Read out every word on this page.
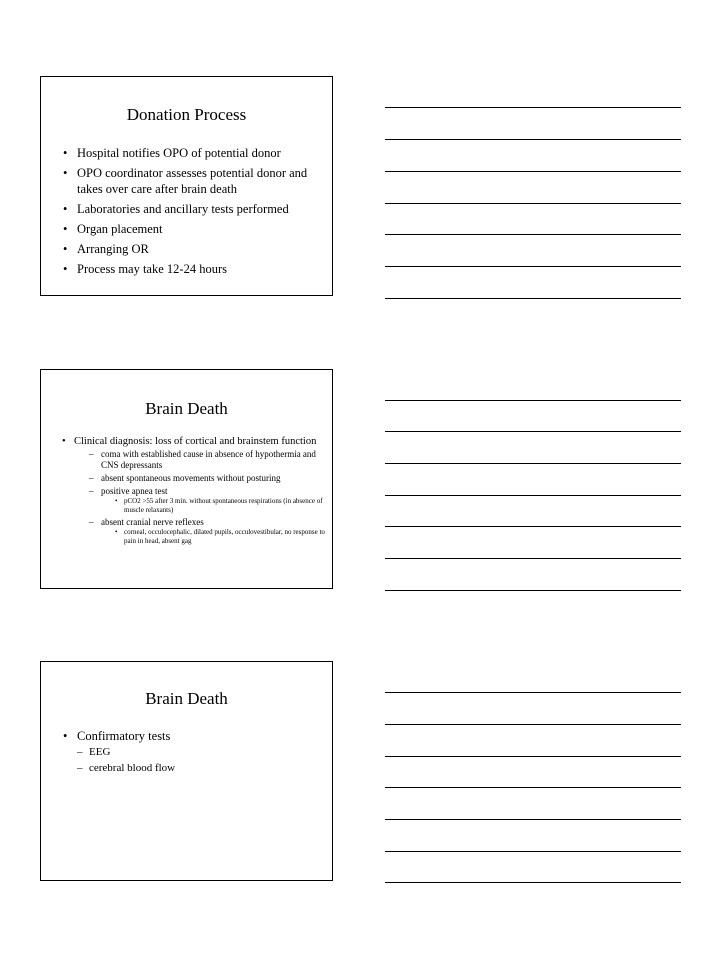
Donation Process
• Hospital notifies OPO of potential donor
• OPO coordinator assesses potential donor and takes over care after brain death
• Laboratories and ancillary tests performed
• Organ placement
• Arranging OR
• Process may take 12-24 hours
Brain Death
• Clinical diagnosis: loss of cortical and brainstem function
– coma with established cause in absence of hypothermia and CNS depressants
– absent spontaneous movements without posturing
– positive apnea test
• pCO2 >55 after 3 min. without spontaneous respirations (in absence of muscle relaxants)
– absent cranial nerve reflexes
• corneal, occulocephalic, dilated pupils, occulovestibular, no response to pain in head, absent gag
Brain Death
• Confirmatory tests
– EEG
– cerebral blood flow
